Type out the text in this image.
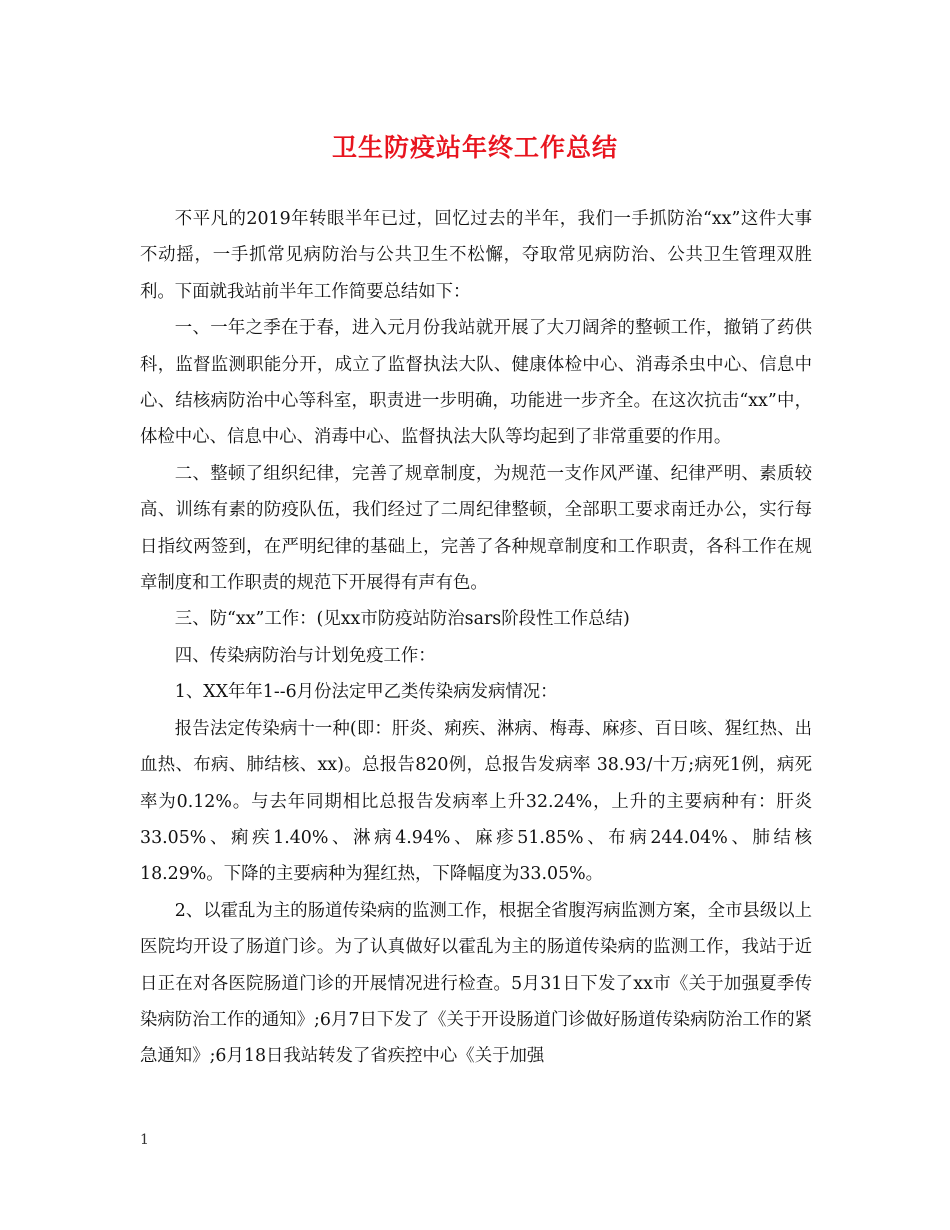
卫生防疫站年终工作总结

不平凡的2019年转眼半年已过，回忆过去的半年，我们一手抓防治“xx”这件大事不动摇，一手抓常见病防治与公共卫生不松懈，夺取常见病防治、公共卫生管理双胜利。下面就我站前半年工作简要总结如下：

一、一年之季在于春，进入元月份我站就开展了大刀阔斧的整顿工作，撤销了药供科，监督监测职能分开，成立了监督执法大队、健康体检中心、消毒杀虫中心、信息中心、结核病防治中心等科室，职责进一步明确，功能进一步齐全。在这次抗击“xx”中，体检中心、信息中心、消毒中心、监督执法大队等均起到了非常重要的作用。

二、整顿了组织纪律，完善了规章制度，为规范一支作风严谨、纪律严明、素质较高、训练有素的防疫队伍，我们经过了二周纪律整顿，全部职工要求南迁办公，实行每日指纹两签到，在严明纪律的基础上，完善了各种规章制度和工作职责，各科工作在规章制度和工作职责的规范下开展得有声有色。

三、防“xx”工作：(见xx市防疫站防治sars阶段性工作总结)

四、传染病防治与计划免疫工作：

1、XX年年1--6月份法定甲乙类传染病发病情况：

报告法定传染病十一种(即：肝炎、痢疾、淋病、梅毒、麻疹、百日咳、猩红热、出血热、布病、肺结核、xx)。总报告820例，总报告发病率 38.93/十万;病死1例，病死率为0.12%。与去年同期相比总报告发病率上升32.24%，上升的主要病种有：肝炎33.05%、痢疾1.40%、淋病4.94%、麻疹51.85%、布病244.04%、肺结核18.29%。下降的主要病种为猩红热，下降幅度为33.05%。

2、以霍乱为主的肠道传染病的监测工作，根据全省腹泻病监测方案，全市县级以上医院均开设了肠道门诊。为了认真做好以霍乱为主的肠道传染病的监测工作，我站于近日正在对各医院肠道门诊的开展情况进行检查。5月31日下发了xx市《关于加强夏季传染病防治工作的通知》;6月7日下发了《关于开设肠道门诊做好肠道传染病防治工作的紧急通知》;6月18日我站转发了省疾控中心《关于加强

1
